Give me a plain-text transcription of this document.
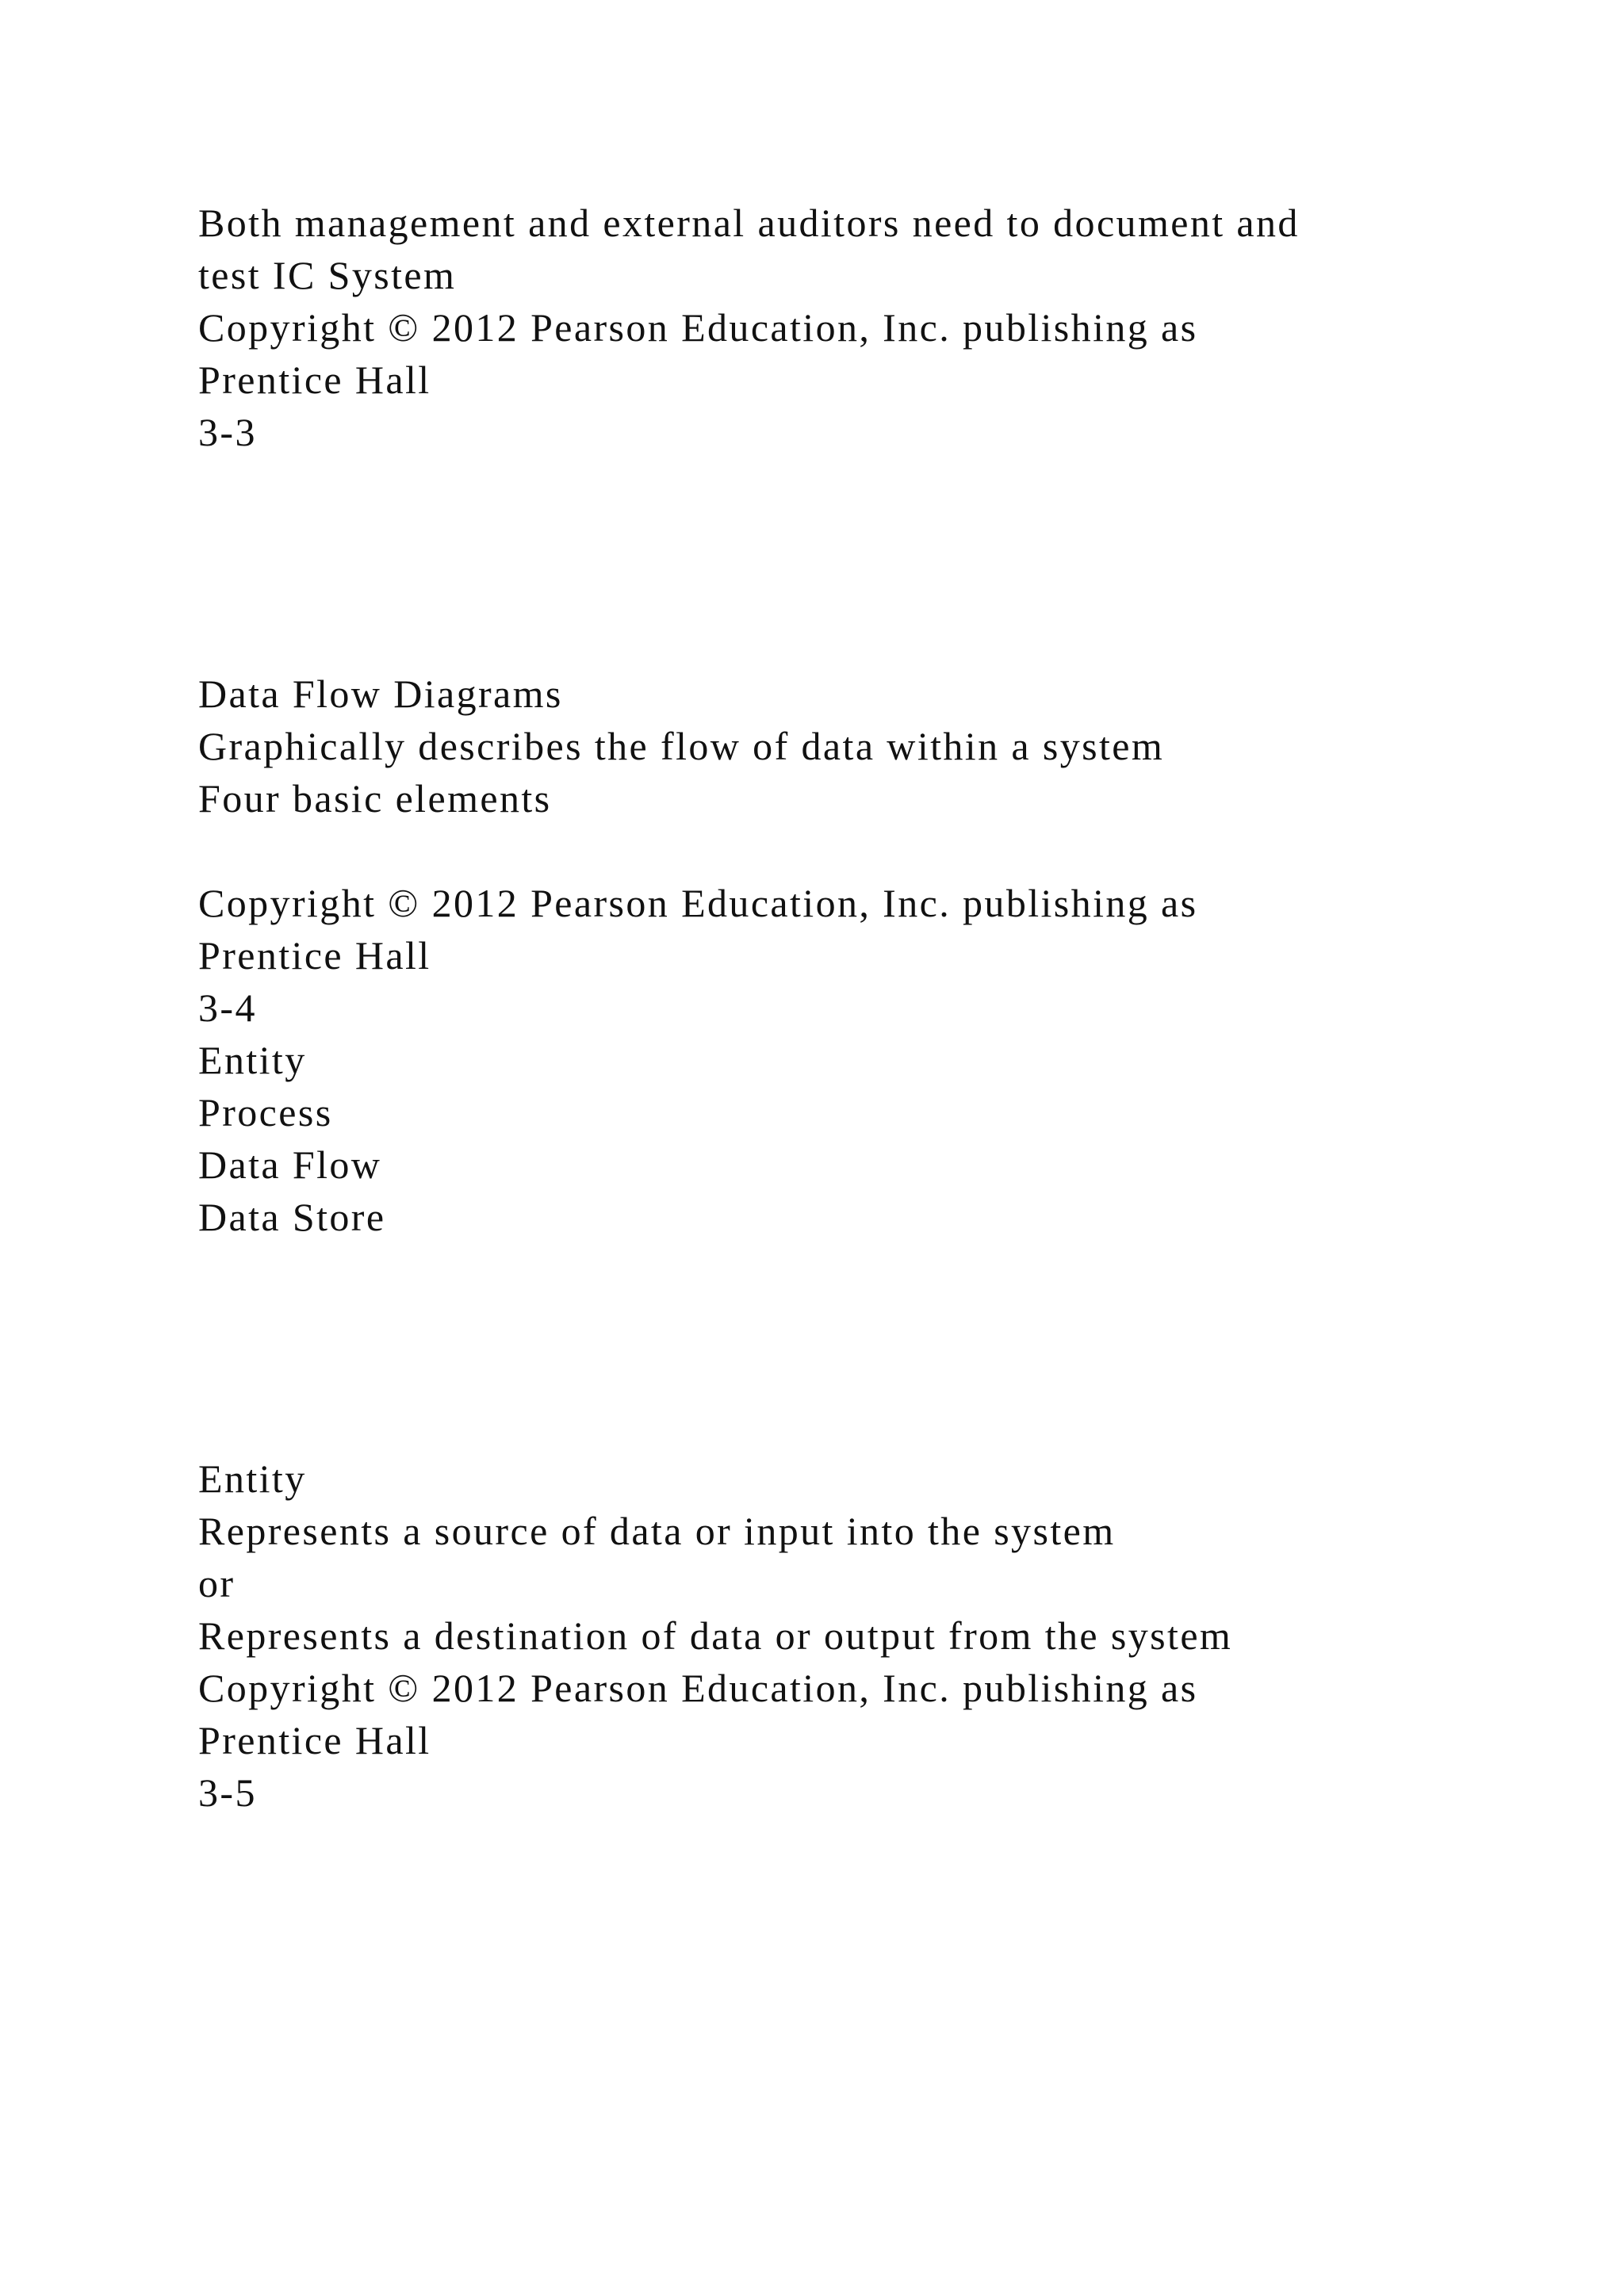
Both management and external auditors need to document and
test IC System
Copyright © 2012 Pearson Education, Inc. publishing as
Prentice Hall
3-3
Data Flow Diagrams
Graphically describes the flow of data within a system
Four basic elements
Copyright © 2012 Pearson Education, Inc. publishing as
Prentice Hall
3-4
Entity
Process
Data Flow
Data Store
Entity
Represents a source of data or input into the system
or
Represents a destination of data or output from the system
Copyright © 2012 Pearson Education, Inc. publishing as
Prentice Hall
3-5
